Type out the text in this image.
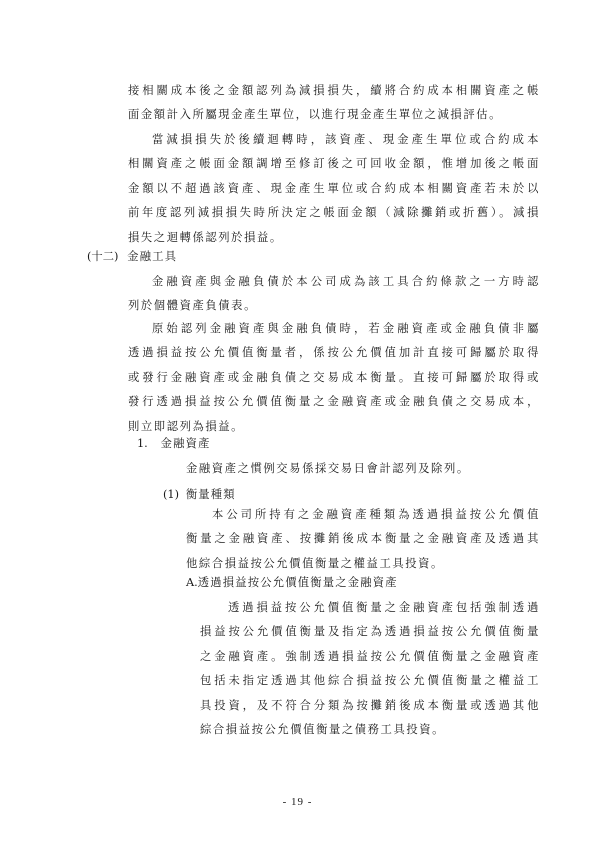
接相關成本後之金額認列為減損損失，續將合約成本相關資產之帳
面金額計入所屬現金產生單位，以進行現金產生單位之減損評估。
當減損損失於後續迴轉時，該資產、現金產生單位或合約成本
相關資產之帳面金額調增至修訂後之可回收金額，惟增加後之帳面
金額以不超過該資產、現金產生單位或合約成本相關資產若未於以
前年度認列減損損失時所決定之帳面金額（減除攤銷或折舊）。減損
損失之迴轉係認列於損益。
(十二) 金融工具
金融資產與金融負債於本公司成為該工具合約條款之一方時認
列於個體資產負債表。
原始認列金融資產與金融負債時，若金融資產或金融負債非屬
透過損益按公允價值衡量者，係按公允價值加計直接可歸屬於取得
或發行金融資產或金融負債之交易成本衡量。直接可歸屬於取得或
發行透過損益按公允價值衡量之金融資產或金融負債之交易成本，
則立即認列為損益。
1. 金融資產
金融資產之慣例交易係採交易日會計認列及除列。
(1) 衡量種類
本公司所持有之金融資產種類為透過損益按公允價值
衡量之金融資產、按攤銷後成本衡量之金融資產及透過其
他綜合損益按公允價值衡量之權益工具投資。
A.透過損益按公允價值衡量之金融資產
透過損益按公允價值衡量之金融資產包括強制透過
損益按公允價值衡量及指定為透過損益按公允價值衡量
之金融資產。強制透過損益按公允價值衡量之金融資產
包括未指定透過其他綜合損益按公允價值衡量之權益工
具投資，及不符合分類為按攤銷後成本衡量或透過其他
綜合損益按公允價值衡量之債務工具投資。
- 19 -
